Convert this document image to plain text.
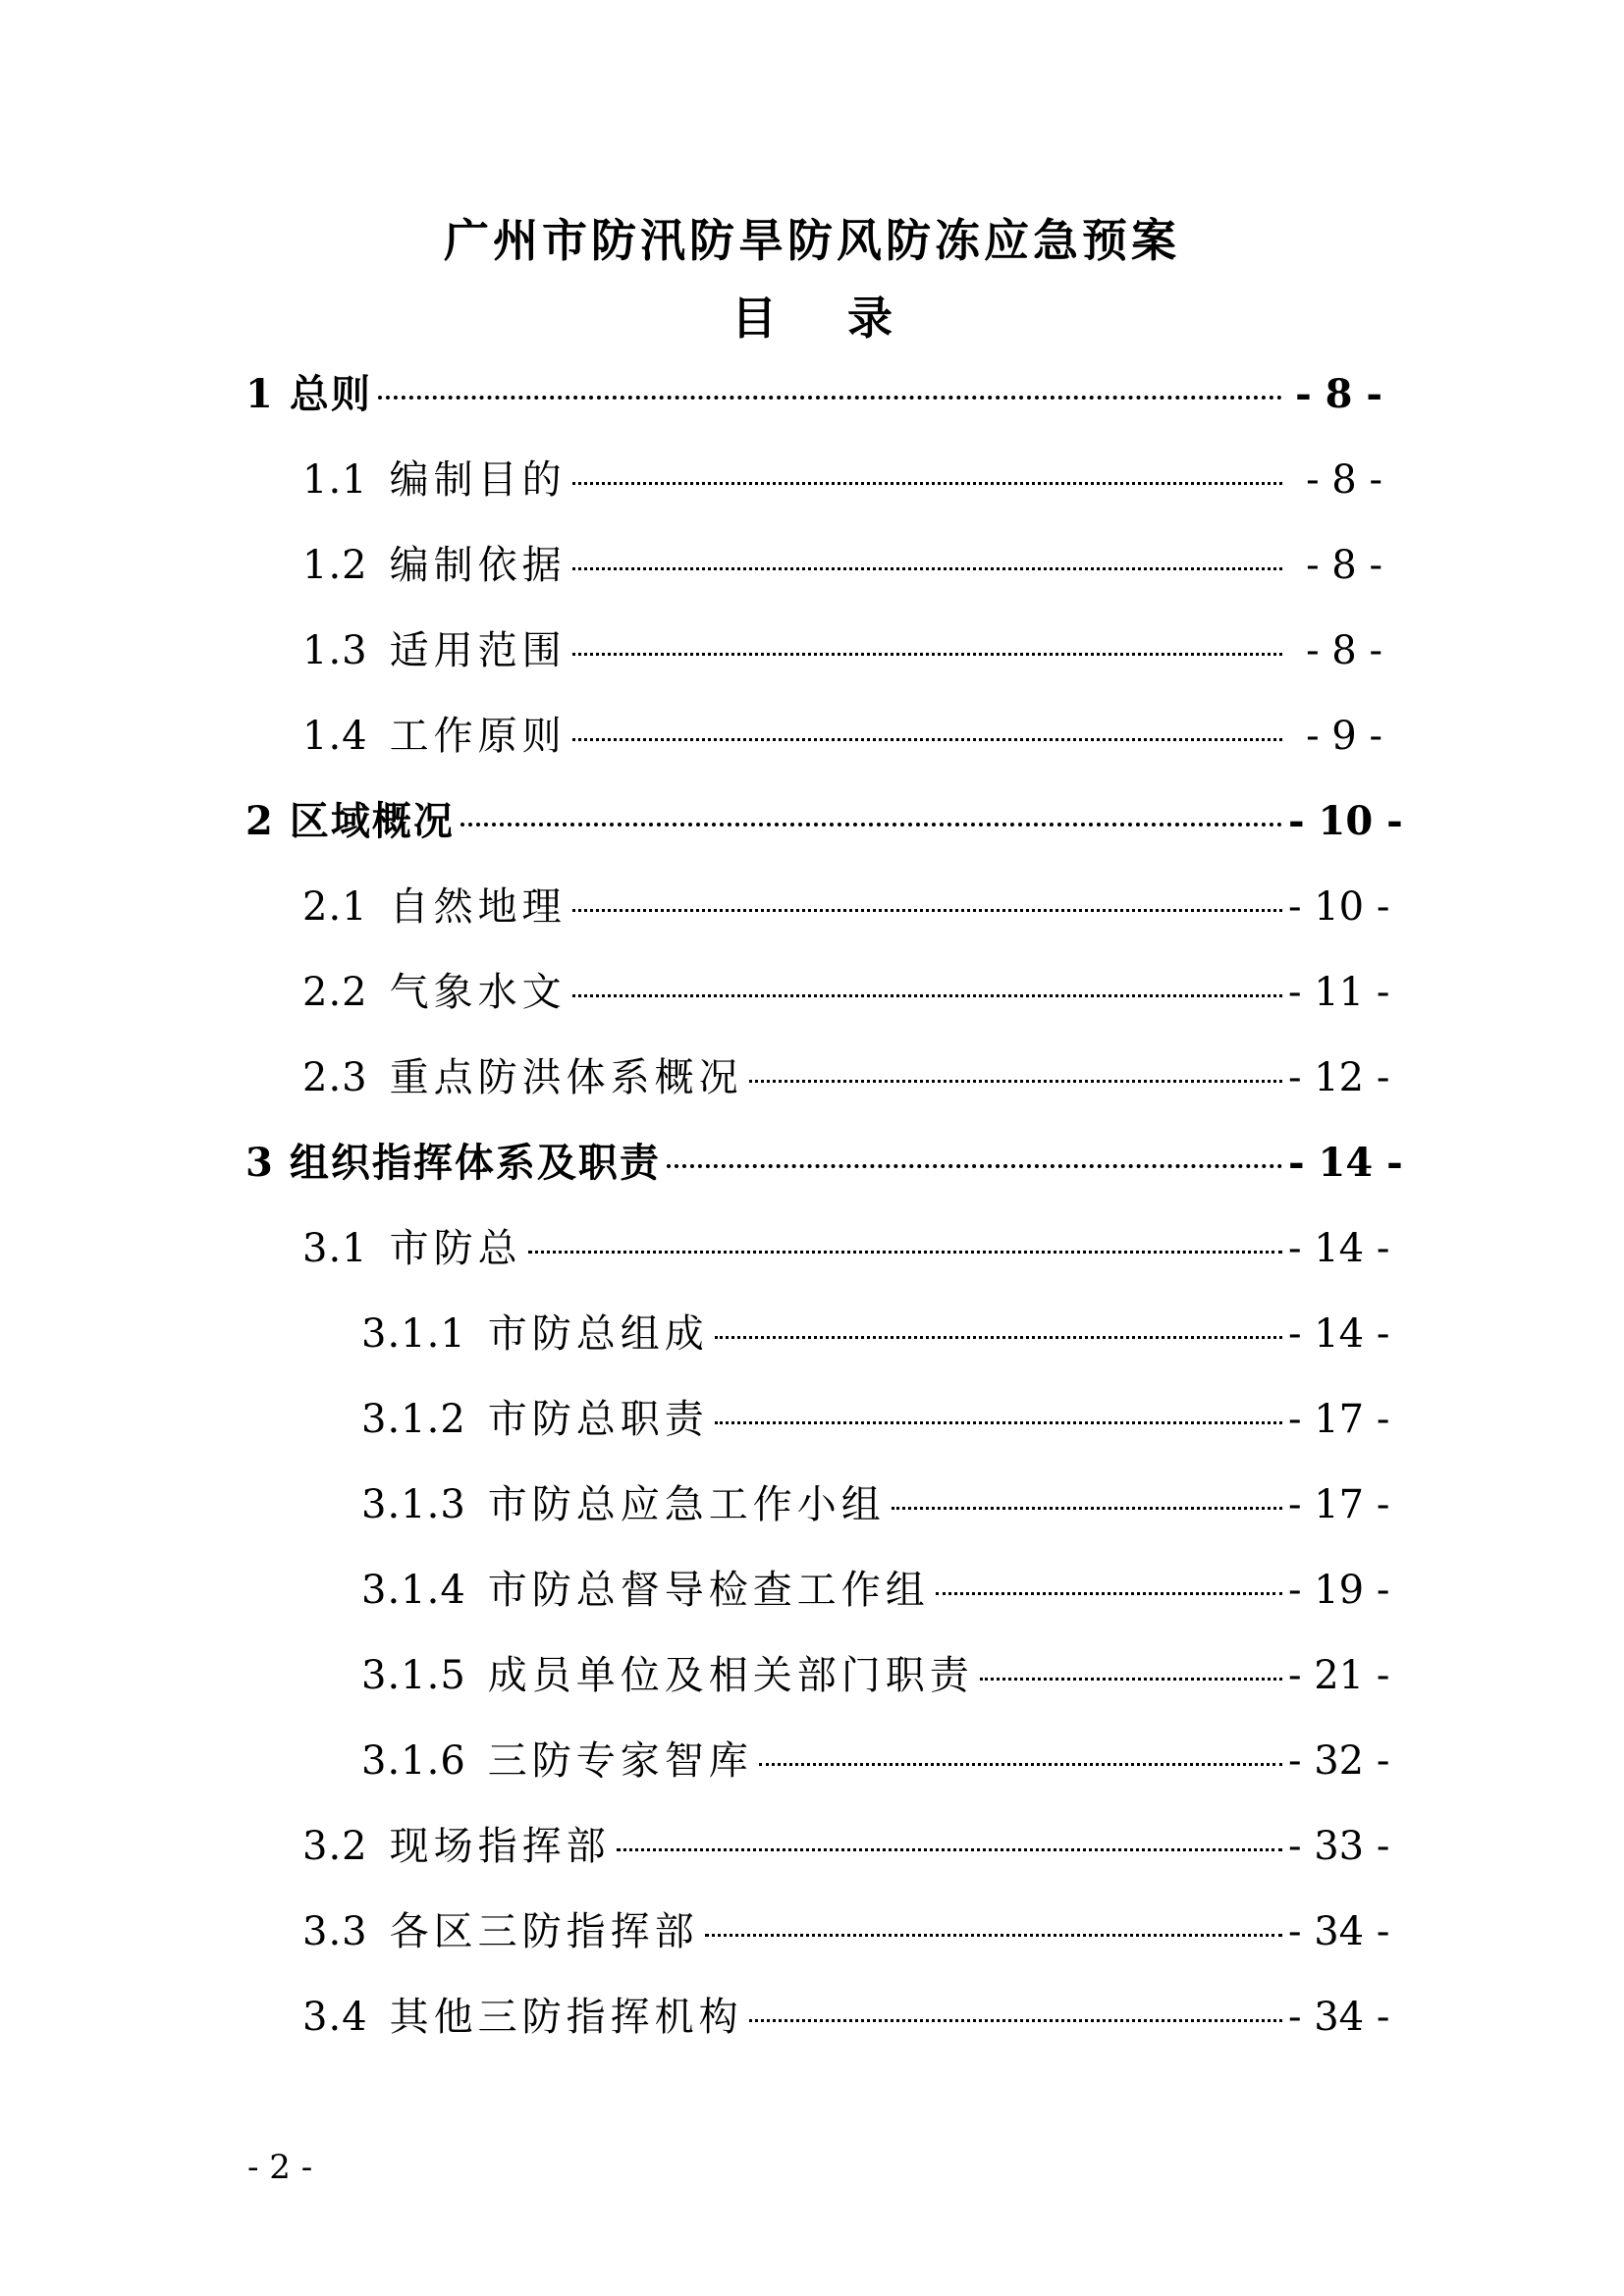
广州市防汛防旱防风防冻应急预案
目 录
1 总则	- 8 -
1.1 编制目的	- 8 -
1.2 编制依据	- 8 -
1.3 适用范围	- 8 -
1.4 工作原则	- 9 -
2 区域概况	- 10 -
2.1 自然地理	- 10 -
2.2 气象水文	- 11 -
2.3 重点防洪体系概况	- 12 -
3 组织指挥体系及职责	- 14 -
3.1 市防总	- 14 -
3.1.1 市防总组成	- 14 -
3.1.2 市防总职责	- 17 -
3.1.3 市防总应急工作小组	- 17 -
3.1.4 市防总督导检查工作组	- 19 -
3.1.5 成员单位及相关部门职责	- 21 -
3.1.6 三防专家智库	- 32 -
3.2 现场指挥部	- 33 -
3.3 各区三防指挥部	- 34 -
3.4 其他三防指挥机构	- 34 -
- 2 -
